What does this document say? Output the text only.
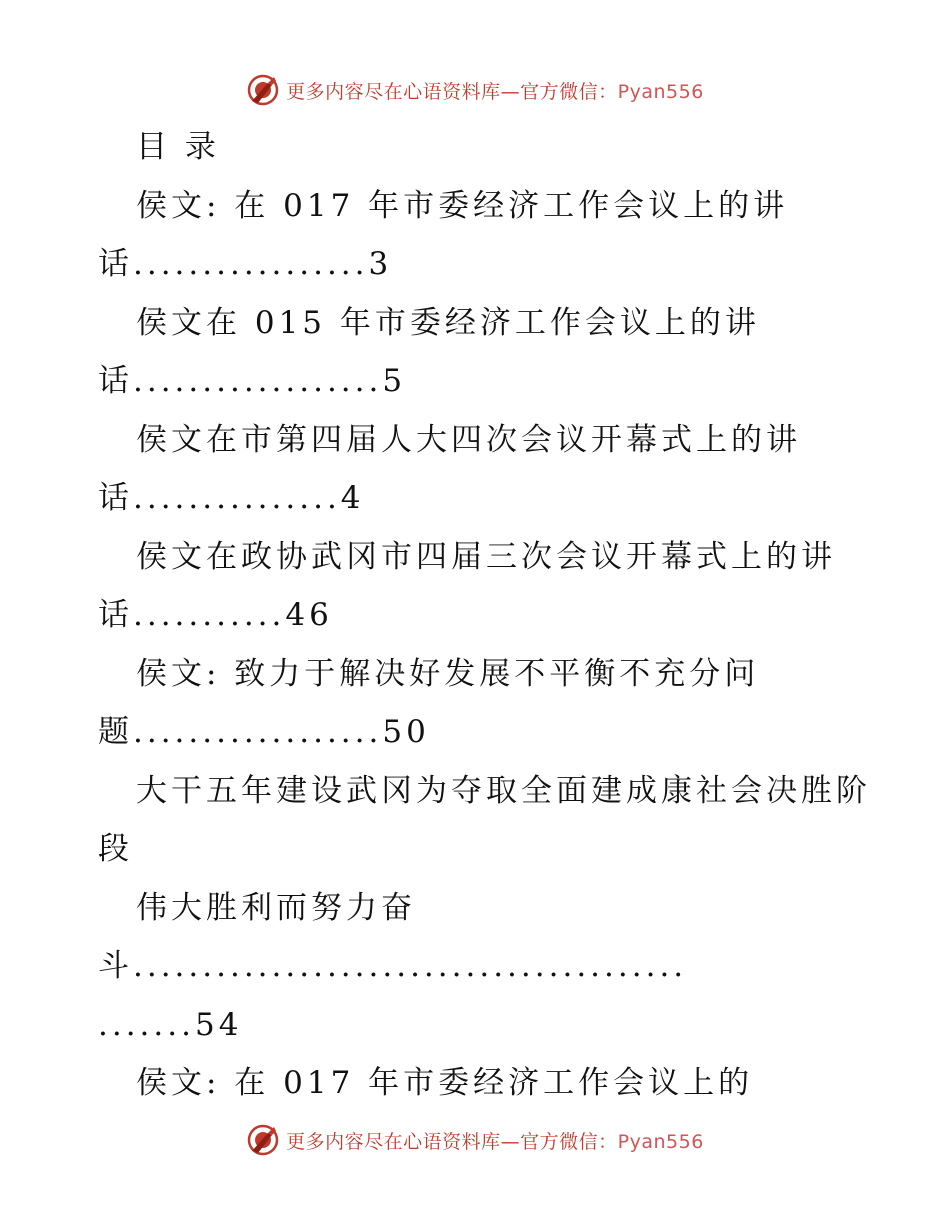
更多内容尽在心语资料库—官方微信：Pyan556
目 录
侯文: 在 017 年市委经济工作会议上的讲
话.................3
侯文在 015 年市委经济工作会议上的讲
话..................5
侯文在市第四届人大四次会议开幕式上的讲
话...............4
侯文在政协武冈市四届三次会议开幕式上的讲
话...........46
侯文: 致力于解决好发展不平衡不充分问
题..................50
大干五年建设武冈为夺取全面建成康社会决胜阶
段
伟大胜利而努力奋
斗........................................
.......54
侯文: 在 017 年市委经济工作会议上的
更多内容尽在心语资料库—官方微信：Pyan556
